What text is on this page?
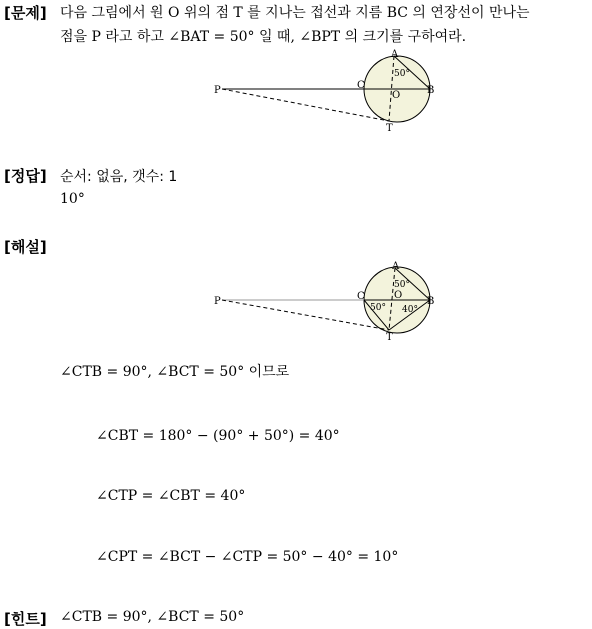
[문제] 다음 그림에서 원 O 위의 점 T 를 지나는 접선과 지름 BC 의 연장선이 만나는
점을 P 라고 하고 ∠BAT = 50° 일 때, ∠BPT 의 크기를 구하여라.
A
50°
C
O	B
P
T
[정답] 순서: 없음, 갯수: 1
10°
[해설]
A
50°
C	O
B
50° 40°
P
T
∠CTB = 90°, ∠BCT = 50° 이므로
∠CBT = 180° − (90° + 50°) = 40°
∠CTP = ∠CBT = 40°
∠CPT = ∠BCT − ∠CTP = 50° − 40° = 10°
[힌트] ∠CTB = 90°, ∠BCT = 50°
